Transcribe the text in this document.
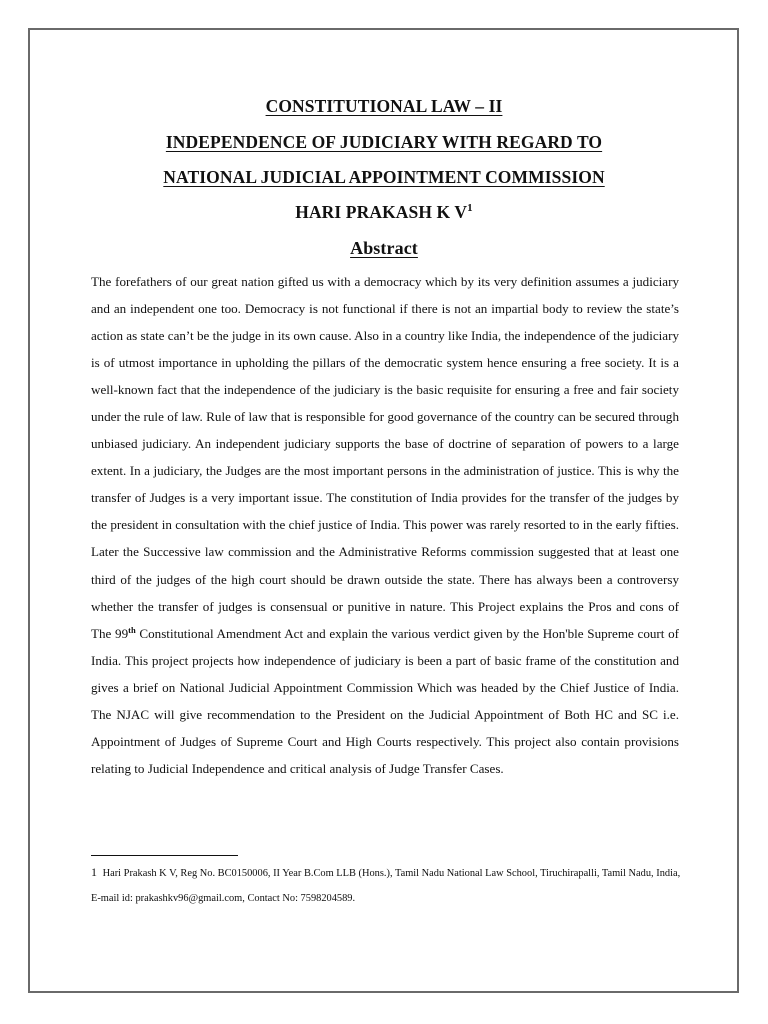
CONSTITUTIONAL LAW – II
INDEPENDENCE OF JUDICIARY WITH REGARD TO
NATIONAL JUDICIAL APPOINTMENT COMMISSION
HARI PRAKASH K $V^1$
Abstract

The forefathers of our great nation gifted us with a democracy which by its very definition assumes a judiciary and an independent one too. Democracy is not functional if there is not an impartial body to review the state’s action as state can’t be the judge in its own cause. Also in a country like India, the independence of the judiciary is of utmost importance in upholding the pillars of the democratic system hence ensuring a free society. It is a well-known fact that the independence of the judiciary is the basic requisite for ensuring a free and fair society under the rule of law. Rule of law that is responsible for good governance of the country can be secured through unbiased judiciary. An independent judiciary supports the base of doctrine of separation of powers to a large extent. In a judiciary, the Judges are the most important persons in the administration of justice. This is why the transfer of Judges is a very important issue. The constitution of India provides for the transfer of the judges by the president in consultation with the chief justice of India. This power was rarely resorted to in the early fifties. Later the Successive law commission and the Administrative Reforms commission suggested that at least one third of the judges of the high court should be drawn outside the state. There has always been a controversy whether the transfer of judges is consensual or punitive in nature. This Project explains the Pros and cons of The 99th Constitutional Amendment Act and explain the various verdict given by the Hon'ble Supreme court of India. This project projects how independence of judiciary is been a part of basic frame of the constitution and gives a brief on National Judicial Appointment Commission Which was headed by the Chief Justice of India. The NJAC will give recommendation to the President on the Judicial Appointment of Both HC and SC i.e. Appointment of Judges of Supreme Court and High Courts respectively. This project also contain provisions relating to Judicial Independence and critical analysis of Judge Transfer Cases.

1 Hari Prakash K V, Reg No. BC0150006, II Year B.Com LLB (Hons.), Tamil Nadu National Law School, Tiruchirapalli, Tamil Nadu, India, E-mail id: prakashkv96@gmail.com, Contact No: 7598204589.
